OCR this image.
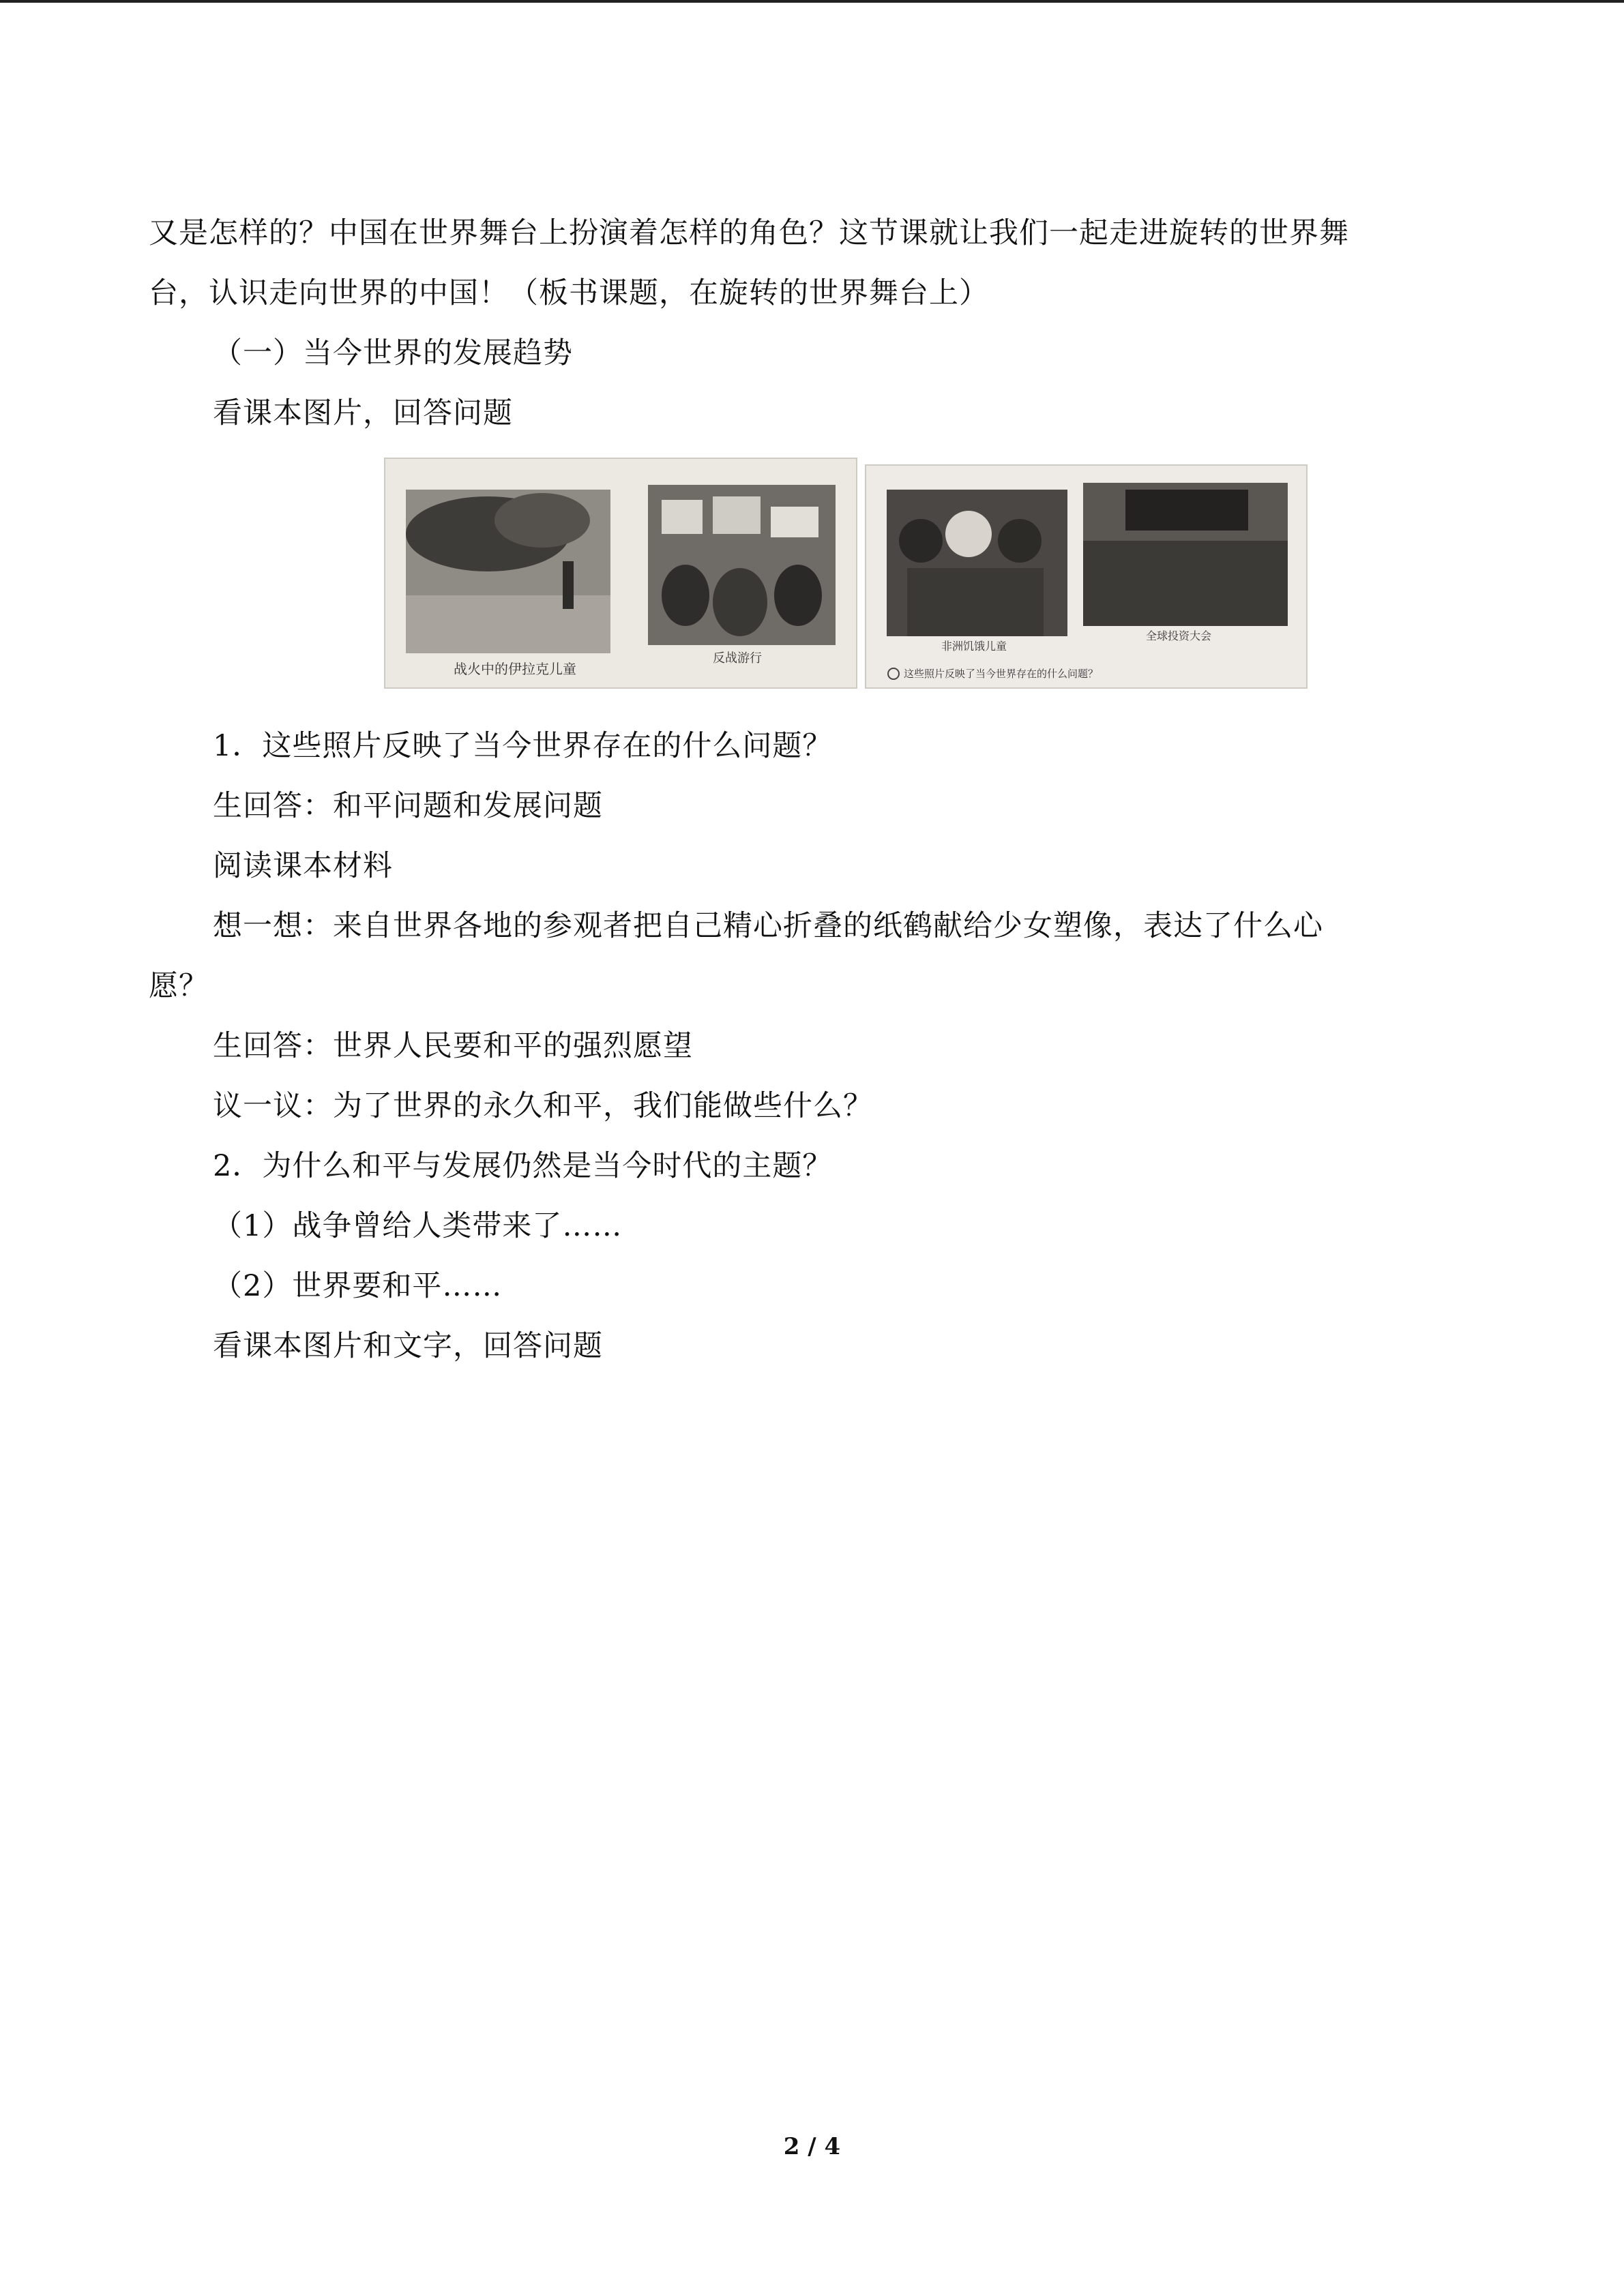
又是怎样的？中国在世界舞台上扮演着怎样的角色？这节课就让我们一起走进旋转的世界舞
台，认识走向世界的中国！（板书课题，在旋转的世界舞台上）
（一）当今世界的发展趋势
看课本图片，回答问题
战火中的伊拉克儿童
反战游行
非洲饥饿儿童
全球投资大会
这些照片反映了当今世界存在的什么问题？
1．这些照片反映了当今世界存在的什么问题？
生回答：和平问题和发展问题
阅读课本材料
想一想：来自世界各地的参观者把自己精心折叠的纸鹤献给少女塑像，表达了什么心
愿？
生回答：世界人民要和平的强烈愿望
议一议：为了世界的永久和平，我们能做些什么？
2．为什么和平与发展仍然是当今时代的主题？
（1）战争曾给人类带来了……
（2）世界要和平……
看课本图片和文字，回答问题
2 / 4
